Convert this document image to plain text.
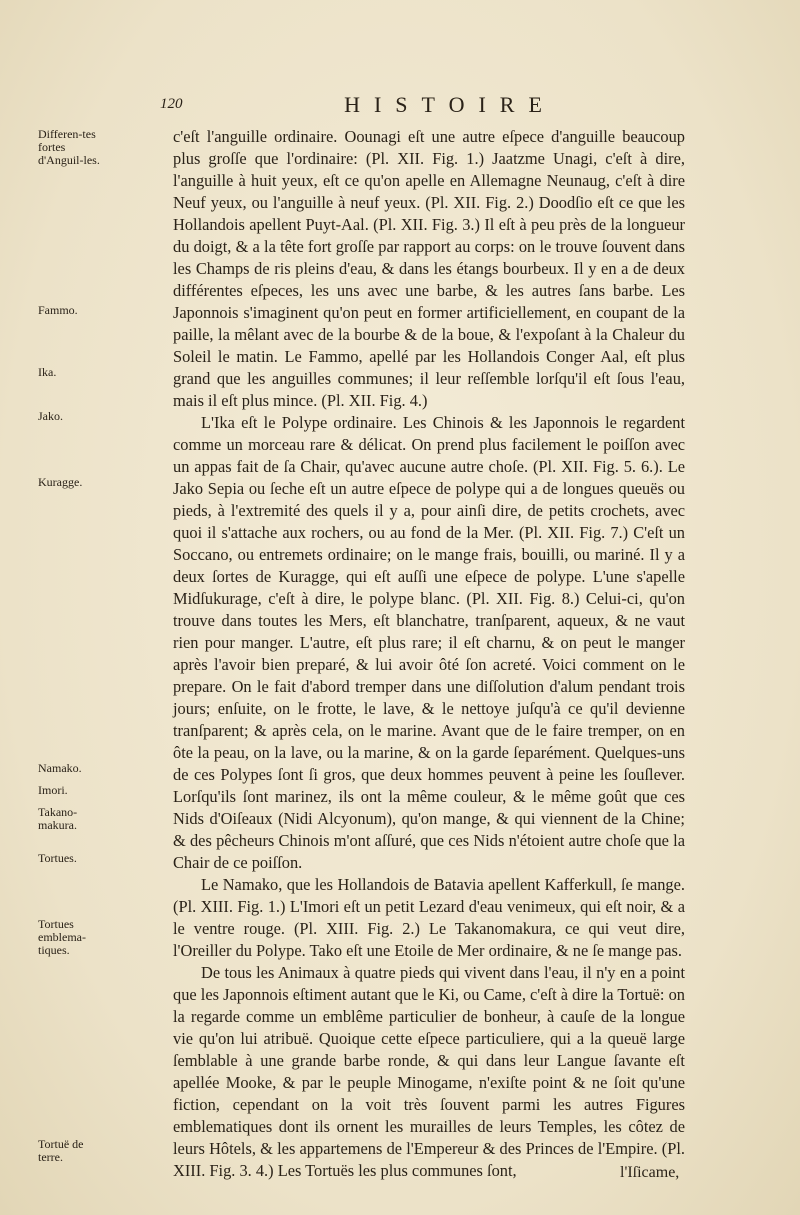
120	HISTOIRE
Differen-tes fortes d'Anguil-les.
Fammo.
Ika.
Jako.
Kuragge.
Namako.
Imori.
Takano-makura.
Tortues.
Tortues emblema-tiques.
Tortuë de terre.

c'eſt l'anguille ordinaire. Oounagi eſt une autre eſpece d'anguille beaucoup plus groſſe que l'ordinaire: (Pl. XII. Fig. 1.) Jaatzme Unagi, c'eſt à dire, l'anguille à huit yeux, eſt ce qu'on apelle en Allemagne Neunaug, c'eſt à dire Neuf yeux, ou l'anguille à neuf yeux. (Pl. XII. Fig. 2.) Doodſio eſt ce que les Hollandois apellent Puyt-Aal. (Pl. XII. Fig. 3.) Il eſt à peu près de la longueur du doigt, & a la tête fort groſſe par rapport au corps: on le trouve ſouvent dans les Champs de ris pleins d'eau, & dans les étangs bourbeux. Il y en a de deux différentes eſpeces, les uns avec une barbe, & les autres ſans barbe. Les Japonnois s'imaginent qu'on peut en former artificiellement, en coupant de la paille, la mêlant avec de la bourbe & de la boue, & l'expoſant à la Chaleur du Soleil le matin. Le Fammo, apellé par les Hollandois Conger Aal, eſt plus grand que les anguilles communes; il leur reſſemble lorſqu'il eſt ſous l'eau, mais il eſt plus mince. (Pl. XII. Fig. 4.)

L'Ika eſt le Polype ordinaire. Les Chinois & les Japonnois le regardent comme un morceau rare & délicat. On prend plus facilement le poiſſon avec un appas fait de ſa Chair, qu'avec aucune autre choſe. (Pl. XII. Fig. 5. 6.). Le Jako Sepia ou ſeche eſt un autre eſpece de polype qui a de longues queuës ou pieds, à l'extremité des quels il y a, pour ainſi dire, de petits crochets, avec quoi il s'attache aux rochers, ou au fond de la Mer. (Pl. XII. Fig. 7.) C'eſt un Soccano, ou entremets ordinaire; on le mange frais, bouilli, ou mariné. Il y a deux ſortes de Kuragge, qui eſt auſſi une eſpece de polype. L'une s'apelle Midſukurage, c'eſt à dire, le polype blanc. (Pl. XII. Fig. 8.) Celui-ci, qu'on trouve dans toutes les Mers, eſt blanchatre, tranſparent, aqueux, & ne vaut rien pour manger. L'autre, eſt plus rare; il eſt charnu, & on peut le manger après l'avoir bien preparé, & lui avoir ôté ſon acreté. Voici comment on le prepare. On le fait d'abord tremper dans une diſſolution d'alum pendant trois jours; enſuite, on le frotte, le lave, & le nettoye juſqu'à ce qu'il devienne tranſparent; & après cela, on le marine. Avant que de le faire tremper, on en ôte la peau, on la lave, ou la marine, & on la garde ſeparément. Quelques-uns de ces Polypes ſont ſi gros, que deux hommes peuvent à peine les ſouſlever. Lorſqu'ils ſont marinez, ils ont la même couleur, & le même goût que ces Nids d'Oiſeaux (Nidi Alcyonum), qu'on mange, & qui viennent de la Chine; & des pêcheurs Chinois m'ont aſſuré, que ces Nids n'étoient autre choſe que la Chair de ce poiſſon.

Le Namako, que les Hollandois de Batavia apellent Kafferkull, ſe mange. (Pl. XIII. Fig. 1.) L'Imori eſt un petit Lezard d'eau venimeux, qui eſt noir, & a le ventre rouge. (Pl. XIII. Fig. 2.) Le Takanomakura, ce qui veut dire, l'Oreiller du Polype. Tako eſt une Etoile de Mer ordinaire, & ne ſe mange pas.

De tous les Animaux à quatre pieds qui vivent dans l'eau, il n'y en a point que les Japonnois eſtiment autant que le Ki, ou Came, c'eſt à dire la Tortuë: on la regarde comme un emblême particulier de bonheur, à cauſe de la longue vie qu'on lui atribuë. Quoique cette eſpece particuliere, qui a la queuë large ſemblable à une grande barbe ronde, & qui dans leur Langue ſavante eſt apellée Mooke, & par le peuple Minogame, n'exiſte point & ne ſoit qu'une fiction, cependant on la voit très ſouvent parmi les autres Figures emblematiques dont ils ornent les murailles de leurs Temples, les côtez de leurs Hôtels, & les appartemens de l'Empereur & des Princes de l'Empire. (Pl. XIII. Fig. 3. 4.) Les Tortuës les plus communes ſont,	l'Iſicame,
